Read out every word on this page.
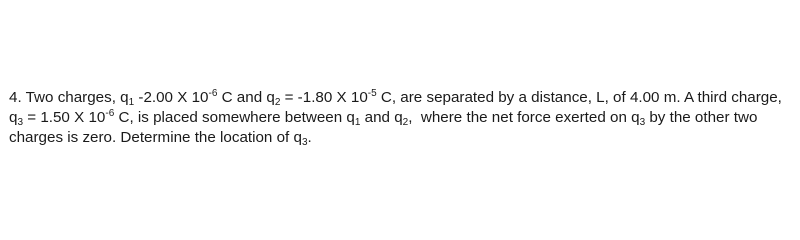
4. Two charges, $q_1$ -2.00 X $10^{-6}$ C and $q_2 = -1.80$ X $10^{-5}$ C, are separated by a distance, L, of 4.00 m. A third charge, $q_3 = 1.50$ X $10^{-6}$ C, is placed somewhere between $q_1$ and $q_2$,  where the net force exerted on $q_3$ by the other two charges is zero. Determine the location of $q_3$.
